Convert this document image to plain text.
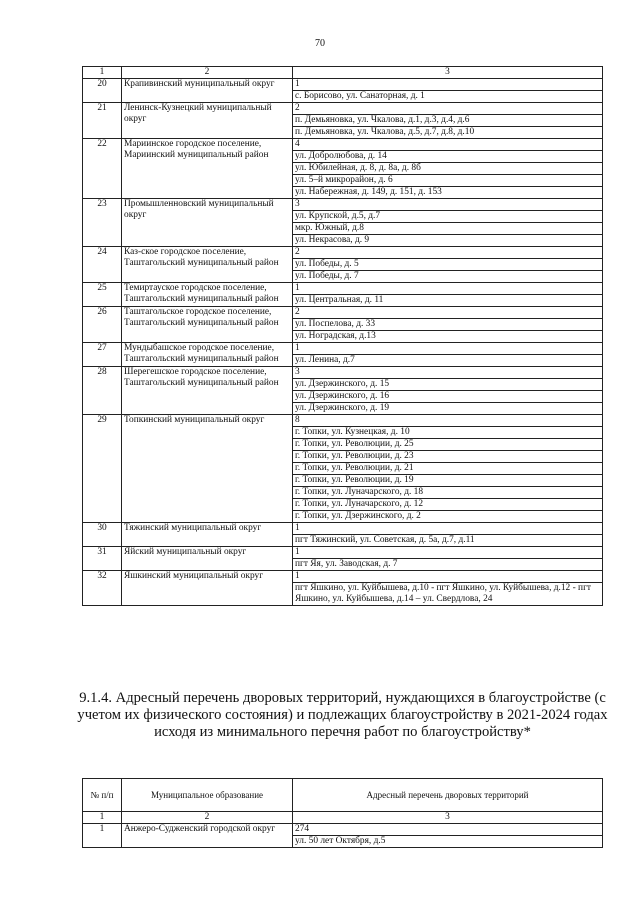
70
1	2	3
20	Крапивинский муниципальный округ	1
		с. Борисово, ул. Санаторная, д. 1
21	Ленинск-Кузнецкий муниципальный округ	2
		п. Демьяновка, ул. Чкалова, д.1, д.3, д.4, д.6
		п. Демьяновка, ул. Чкалова, д.5, д.7, д.8, д.10
22	Мариинское городское поселение, Мариинский муниципальный район	4
		ул. Добролюбова, д. 14
		ул. Юбилейная, д. 8, д. 8а, д. 8б
		ул. 5–й микрорайон, д. 6
		ул. Набережная, д. 149, д. 151, д. 153
23	Промышленновский муниципальный округ	3
		ул. Крупской, д.5, д.7
		мкр. Южный, д.8
		ул. Некрасова, д. 9
24	Каз‑ское городское поселение, Таштагольский муниципальный район	2
		ул. Победы, д. 5
		ул. Победы, д. 7
25	Темиртауское городское поселение, Таштагольский муниципальный район	1
		ул. Центральная, д. 11
26	Таштагольское городское поселение, Таштагольский муниципальный район	2
		ул. Поспелова, д. 33
		ул. Ноградская, д.13
27	Мундыбашское городское поселение, Таштагольский муниципальный район	1
		ул. Ленина, д.7
28	Шерегешское городское поселение, Таштагольский муниципальный район	3
		ул. Дзержинского, д. 15
		ул. Дзержинского, д. 16
		ул. Дзержинского, д. 19
29	Топкинский муниципальный округ	8
		г. Топки, ул. Кузнецкая, д. 10
		г. Топки, ул. Революции, д. 25
		г. Топки, ул. Революции, д. 23
		г. Топки, ул. Революции, д. 21
		г. Топки, ул. Революции, д. 19
		г. Топки, ул. Луначарского, д. 18
		г. Топки, ул. Луначарского, д. 12
		г. Топки, ул. Дзержинского, д. 2
30	Тяжинский муниципальный округ	1
		пгт Тяжинский, ул. Советская, д. 5а, д.7, д.11
31	Яйский муниципальный округ	1
		пгт Яя, ул. Заводская, д. 7
32	Яшкинский муниципальный округ	1
		пгт Яшкино, ул. Куйбышева, д.10 - пгт Яшкино, ул. Куйбышева, д.12 - пгт Яшкино, ул. Куйбышева, д.14 – ул. Свердлова, 24
9.1.4. Адресный перечень дворовых территорий, нуждающихся в благоустройстве (с учетом их физического состояния) и подлежащих благоустройству в 2021-2024 годах исходя из минимального перечня работ по благоустройству*
№ п/п	Муниципальное образование	Адресный перечень дворовых территорий
1	2	3
1	Анжеро-Судженский городской округ	274
		ул. 50 лет Октября, д.5
